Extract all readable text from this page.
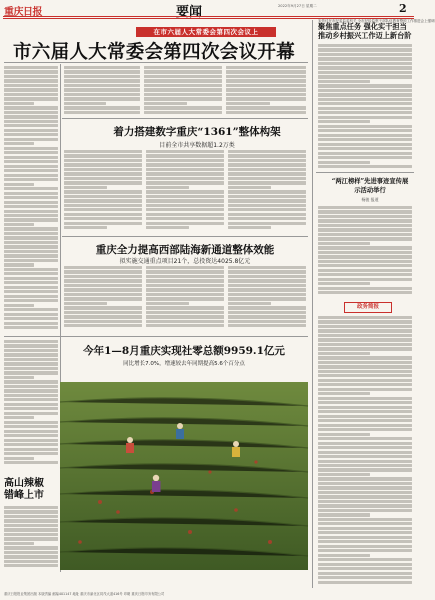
重庆日报	要闻	2022年9月27日 星期二	2
在市六届人大常委会第四次会议上
市六届人大常委会第四次会议开幕
着力搭建数字重庆“1361”整体构架
目前全市共享数据超1.2万类
重庆全力提高西部陆海新通道整体效能
拟实施交通重点项目21个，总投资达4025.8亿元
今年1—8月重庆实现社零总额9959.1亿元
同比增长7.0%，增速较去年同期提高5.6个百分点
高山辣椒
错峰上市
宋依佳在市纪委监委机关 全市纪检监察干部队伍教育整顿工作推进会上强调
聚焦重点任务 强化实干担当 推动乡村振兴工作迈上新台阶
“两江榜样”先进事迹宣传展示活动举行
杨骏 报道
政务简报
重庆日报报业集团出版 本版责编 邮编401147 地址 重庆市渝北区同茂大道416号 印刷 重庆日报印务有限公司
